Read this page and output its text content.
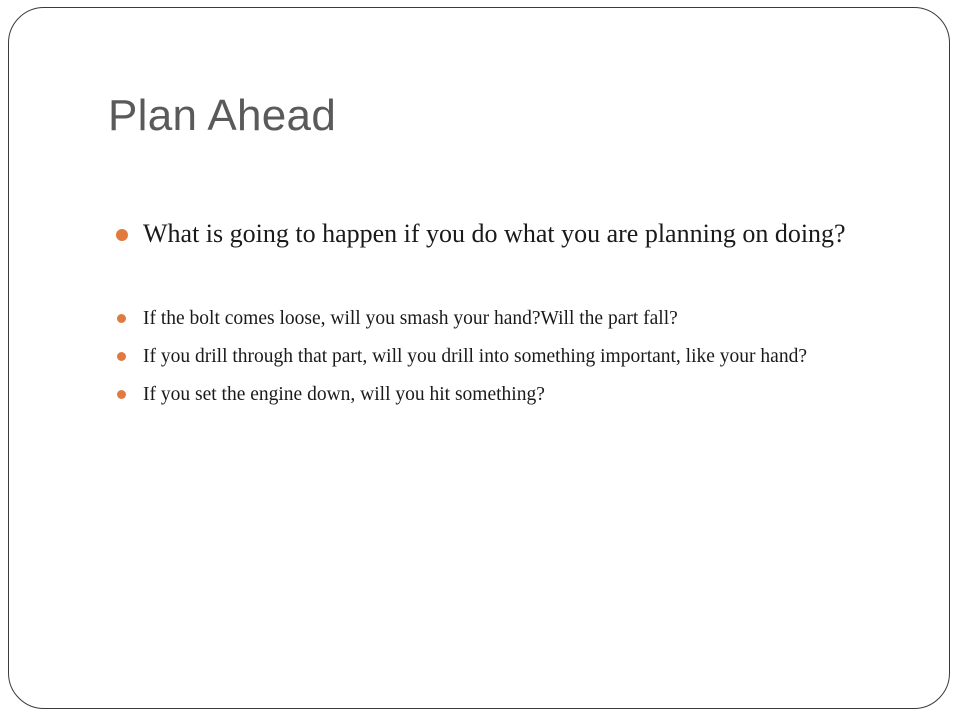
Plan Ahead
What is going to happen if you do what you are planning on doing?
If the bolt comes loose, will you smash your hand?Will the part fall?
If you drill through that part, will you drill into something important, like your hand?
If you set the engine down, will you hit something?
